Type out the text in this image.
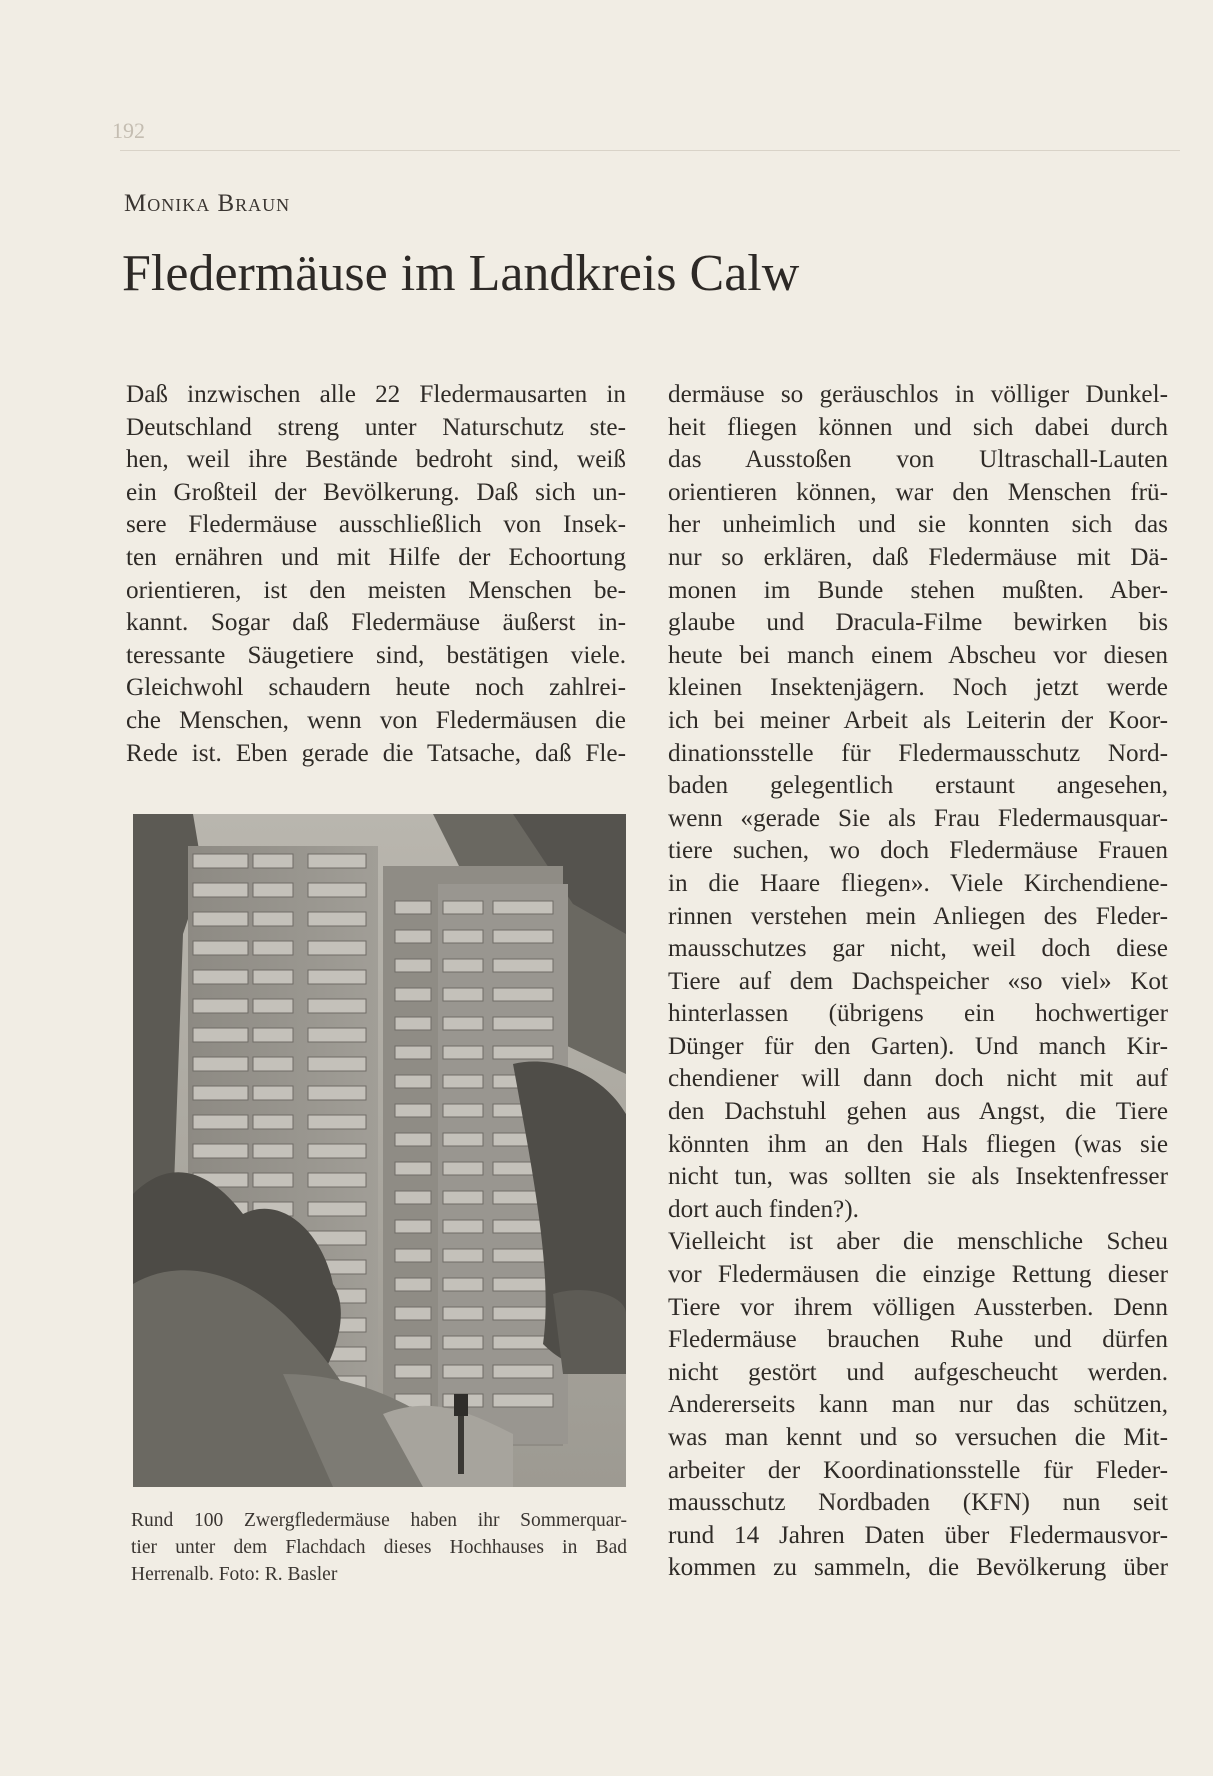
192
Monika Braun
Fledermäuse im Landkreis Calw
Daß inzwischen alle 22 Fledermausarten in
Deutschland streng unter Naturschutz ste-
hen, weil ihre Bestände bedroht sind, weiß
ein Großteil der Bevölkerung. Daß sich un-
sere Fledermäuse ausschließlich von Insek-
ten ernähren und mit Hilfe der Echoortung
orientieren, ist den meisten Menschen be-
kannt. Sogar daß Fledermäuse äußerst in-
teressante Säugetiere sind, bestätigen viele.
Gleichwohl schaudern heute noch zahlrei-
che Menschen, wenn von Fledermäusen die
Rede ist. Eben gerade die Tatsache, daß Fle-
Rund 100 Zwergfledermäuse haben ihr Sommerquar-
tier unter dem Flachdach dieses Hochhauses in Bad
Herrenalb. Foto: R. Basler
dermäuse so geräuschlos in völliger Dunkel-
heit fliegen können und sich dabei durch
das Ausstoßen von Ultraschall-Lauten
orientieren können, war den Menschen frü-
her unheimlich und sie konnten sich das
nur so erklären, daß Fledermäuse mit Dä-
monen im Bunde stehen mußten. Aber-
glaube und Dracula-Filme bewirken bis
heute bei manch einem Abscheu vor diesen
kleinen Insektenjägern. Noch jetzt werde
ich bei meiner Arbeit als Leiterin der Koor-
dinationsstelle für Fledermausschutz Nord-
baden gelegentlich erstaunt angesehen,
wenn «gerade Sie als Frau Fledermausquar-
tiere suchen, wo doch Fledermäuse Frauen
in die Haare fliegen». Viele Kirchendiene-
rinnen verstehen mein Anliegen des Fleder-
mausschutzes gar nicht, weil doch diese
Tiere auf dem Dachspeicher «so viel» Kot
hinterlassen (übrigens ein hochwertiger
Dünger für den Garten). Und manch Kir-
chendiener will dann doch nicht mit auf
den Dachstuhl gehen aus Angst, die Tiere
könnten ihm an den Hals fliegen (was sie
nicht tun, was sollten sie als Insektenfresser
dort auch finden?).
Vielleicht ist aber die menschliche Scheu
vor Fledermäusen die einzige Rettung dieser
Tiere vor ihrem völligen Aussterben. Denn
Fledermäuse brauchen Ruhe und dürfen
nicht gestört und aufgescheucht werden.
Andererseits kann man nur das schützen,
was man kennt und so versuchen die Mit-
arbeiter der Koordinationsstelle für Fleder-
mausschutz Nordbaden (KFN) nun seit
rund 14 Jahren Daten über Fledermausvor-
kommen zu sammeln, die Bevölkerung über
